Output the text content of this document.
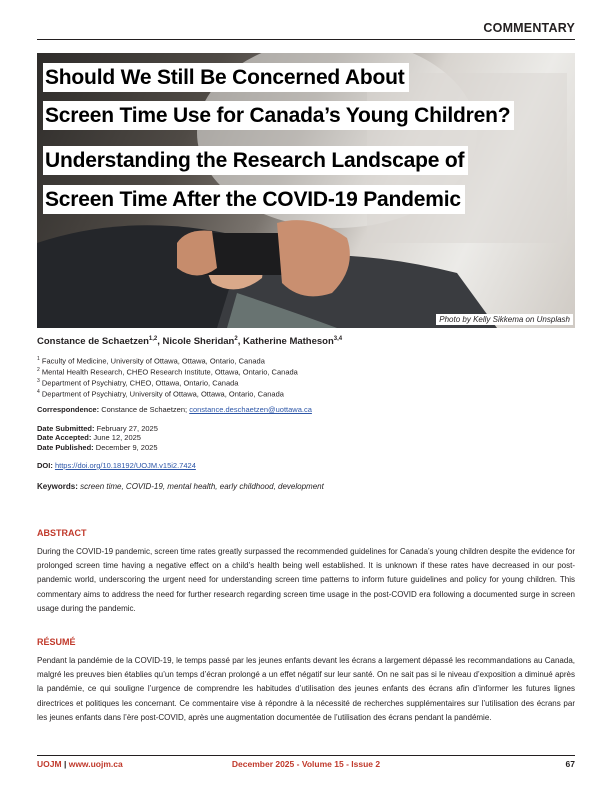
COMMENTARY
Should We Still Be Concerned About
Screen Time Use for Canada’s Young Children?
Understanding the Research Landscape of
Screen Time After the COVID-19 Pandemic
Photo by Kelly Sikkema on Unsplash
Constance de Schaetzen$^{1,2}$, Nicole Sheridan$^2$, Katherine Matheson$^{3,4}$
$^1$ Faculty of Medicine, University of Ottawa, Ottawa, Ontario, Canada
$^2$ Mental Health Research, CHEO Research Institute, Ottawa, Ontario, Canada
$^3$ Department of Psychiatry, CHEO, Ottawa, Ontario, Canada
$^4$ Department of Psychiatry, University of Ottawa, Ottawa, Ontario, Canada
Correspondence: Constance de Schaetzen; constance.deschaetzen@uottawa.ca
Date Submitted: February 27, 2025
Date Accepted: June 12, 2025
Date Published: December 9, 2025
DOI: https://doi.org/10.18192/UOJM.v15i2.7424
Keywords: screen time, COVID-19, mental health, early childhood, development
ABSTRACT
During the COVID-19 pandemic, screen time rates greatly surpassed the recommended guidelines for Canada’s young children despite the evidence for prolonged screen time having a negative effect on a child’s health being well established. It is unknown if these rates have decreased in our post-pandemic world, underscoring the urgent need for understanding screen time patterns to inform future guidelines and policy for young children. This commentary aims to address the need for further research regarding screen time usage in the post-COVID era following a documented surge in screen usage during the pandemic.
RÉSUMÉ
Pendant la pandémie de la COVID-19, le temps passé par les jeunes enfants devant les écrans a largement dépassé les recommandations au Canada, malgré les preuves bien établies qu’un temps d’écran prolongé a un effet négatif sur leur santé. On ne sait pas si le niveau d’exposition a diminué après la pandémie, ce qui souligne l’urgence de comprendre les habitudes d’utilisation des jeunes enfants des écrans afin d’informer les futures lignes directrices et politiques les concernant. Ce commentaire vise à répondre à la nécessité de recherches supplémentaires sur l’utilisation des écrans par les jeunes enfants dans l’ère post-COVID, après une augmentation documentée de l’utilisation des écrans pendant la pandémie.
December 2025 - Volume 15 - Issue 2
UOJM | www.uojm.ca	67
